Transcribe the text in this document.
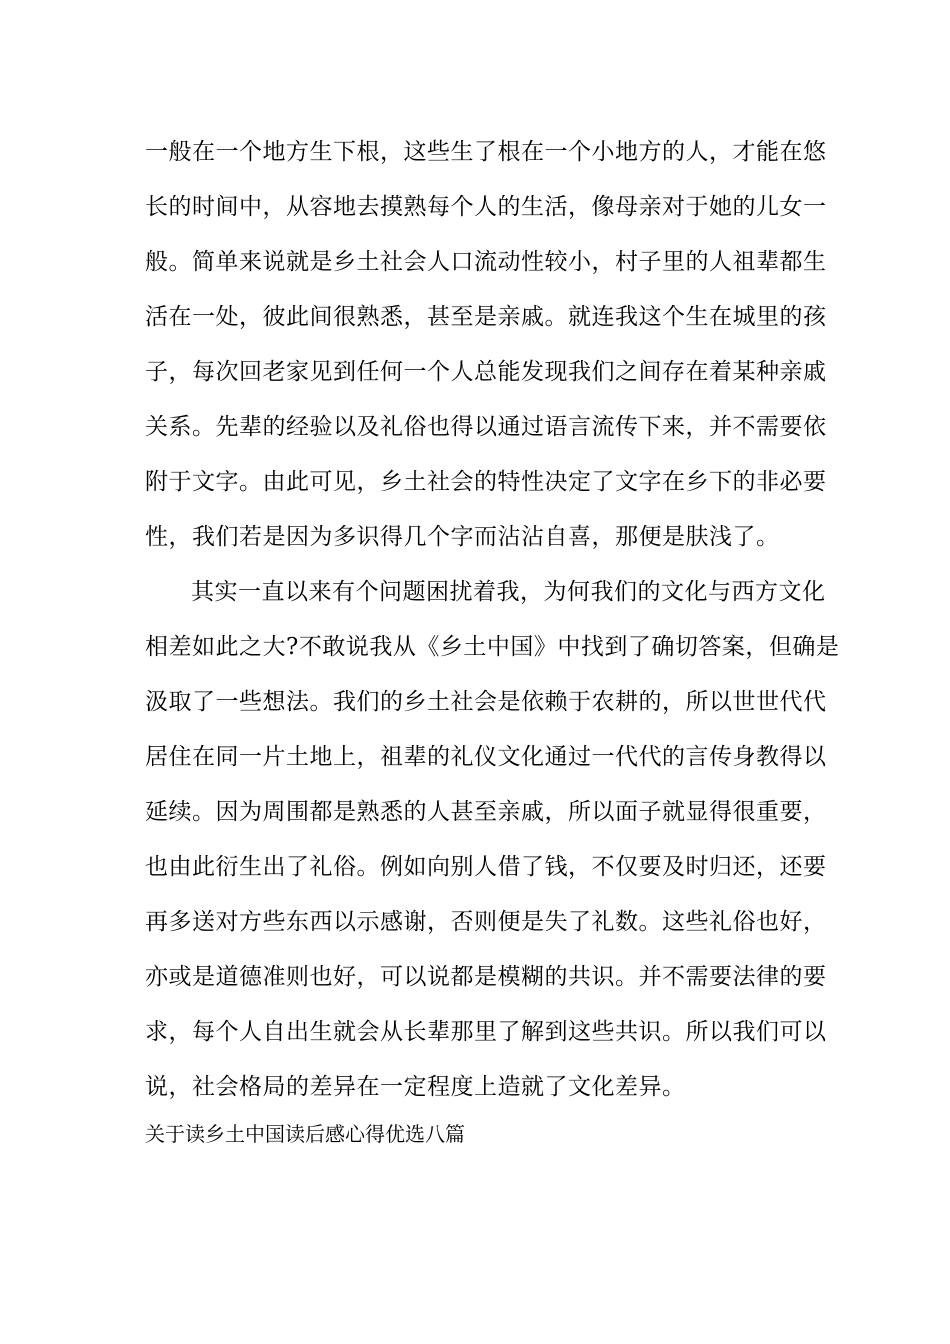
一般在一个地方生下根，这些生了根在一个小地方的人，才能在悠
长的时间中，从容地去摸熟每个人的生活，像母亲对于她的儿女一
般。简单来说就是乡土社会人口流动性较小，村子里的人祖辈都生
活在一处，彼此间很熟悉，甚至是亲戚。就连我这个生在城里的孩
子，每次回老家见到任何一个人总能发现我们之间存在着某种亲戚
关系。先辈的经验以及礼俗也得以通过语言流传下来，并不需要依
附于文字。由此可见，乡土社会的特性决定了文字在乡下的非必要
性，我们若是因为多识得几个字而沾沾自喜，那便是肤浅了。
其实一直以来有个问题困扰着我，为何我们的文化与西方文化
相差如此之大?不敢说我从《乡土中国》中找到了确切答案，但确是
汲取了一些想法。我们的乡土社会是依赖于农耕的，所以世世代代
居住在同一片土地上，祖辈的礼仪文化通过一代代的言传身教得以
延续。因为周围都是熟悉的人甚至亲戚，所以面子就显得很重要，
也由此衍生出了礼俗。例如向别人借了钱，不仅要及时归还，还要
再多送对方些东西以示感谢，否则便是失了礼数。这些礼俗也好，
亦或是道德准则也好，可以说都是模糊的共识。并不需要法律的要
求，每个人自出生就会从长辈那里了解到这些共识。所以我们可以
说，社会格局的差异在一定程度上造就了文化差异。
关于读乡土中国读后感心得优选八篇
